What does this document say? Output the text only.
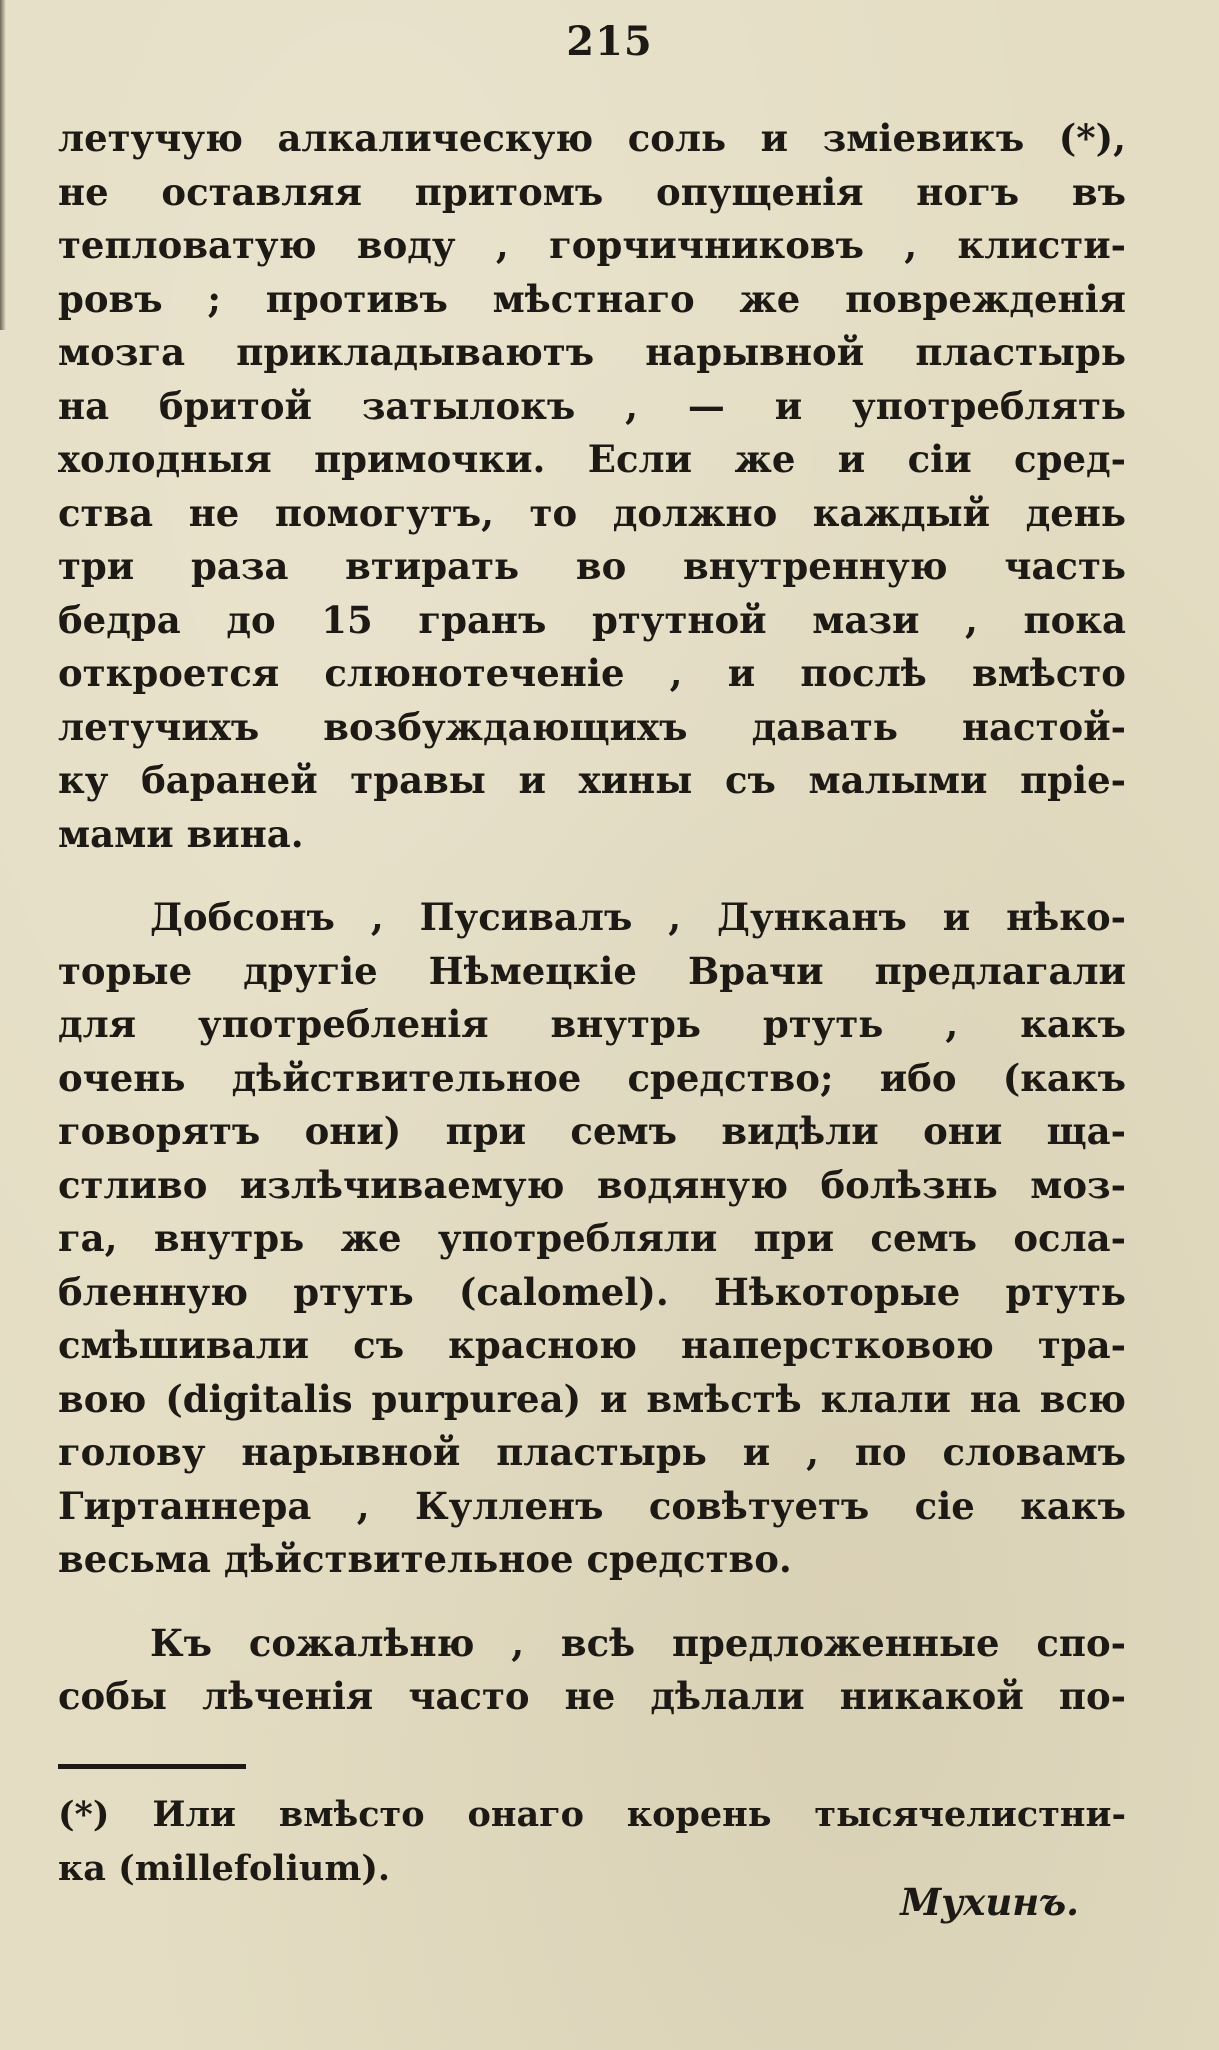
215
летучую алкалическую соль и зміевикъ (*),
не оставляя притомъ опущенія ногъ въ
тепловатую воду , горчичниковъ , клисти-
ровъ ; противъ мѣстнаго же поврежденія
мозга прикладываютъ нарывной пластырь
на бритой затылокъ , — и употреблять
холодныя примочки. Если же и сіи сред-
ства не помогутъ, то должно каждый день
три раза втирать во внутренную часть
бедра до 15 гранъ ртутной мази , пока
откроется слюнотеченіе , и послѣ вмѣсто
летучихъ возбуждающихъ давать настой-
ку бараней травы и хины съ малыми пріе-
мами вина.
Добсонъ , Пусивалъ , Дунканъ и нѣко-
торые другіе Нѣмецкіе Врачи предлагали
для употребленія внутрь ртуть , какъ
очень дѣйствительное средство; ибо (какъ
говорятъ они) при семъ видѣли они ща-
стливо излѣчиваемую водяную болѣзнь моз-
га, внутрь же употребляли при семъ осла-
бленную ртуть (calomel). Нѣкоторые ртуть
смѣшивали съ красною наперстковою тра-
вою (digitalis purpurea) и вмѣстѣ клали на всю
голову нарывной пластырь и , по словамъ
Гиртаннера , Кулленъ совѣтуетъ сіе какъ
весьма дѣйствительное средство.
Къ сожалѣню , всѣ предложенные спо-
собы лѣченія часто не дѣлали никакой по-
(*) Или вмѣсто онаго корень тысячелистни-
ка (millefolium).
Мухинъ.
